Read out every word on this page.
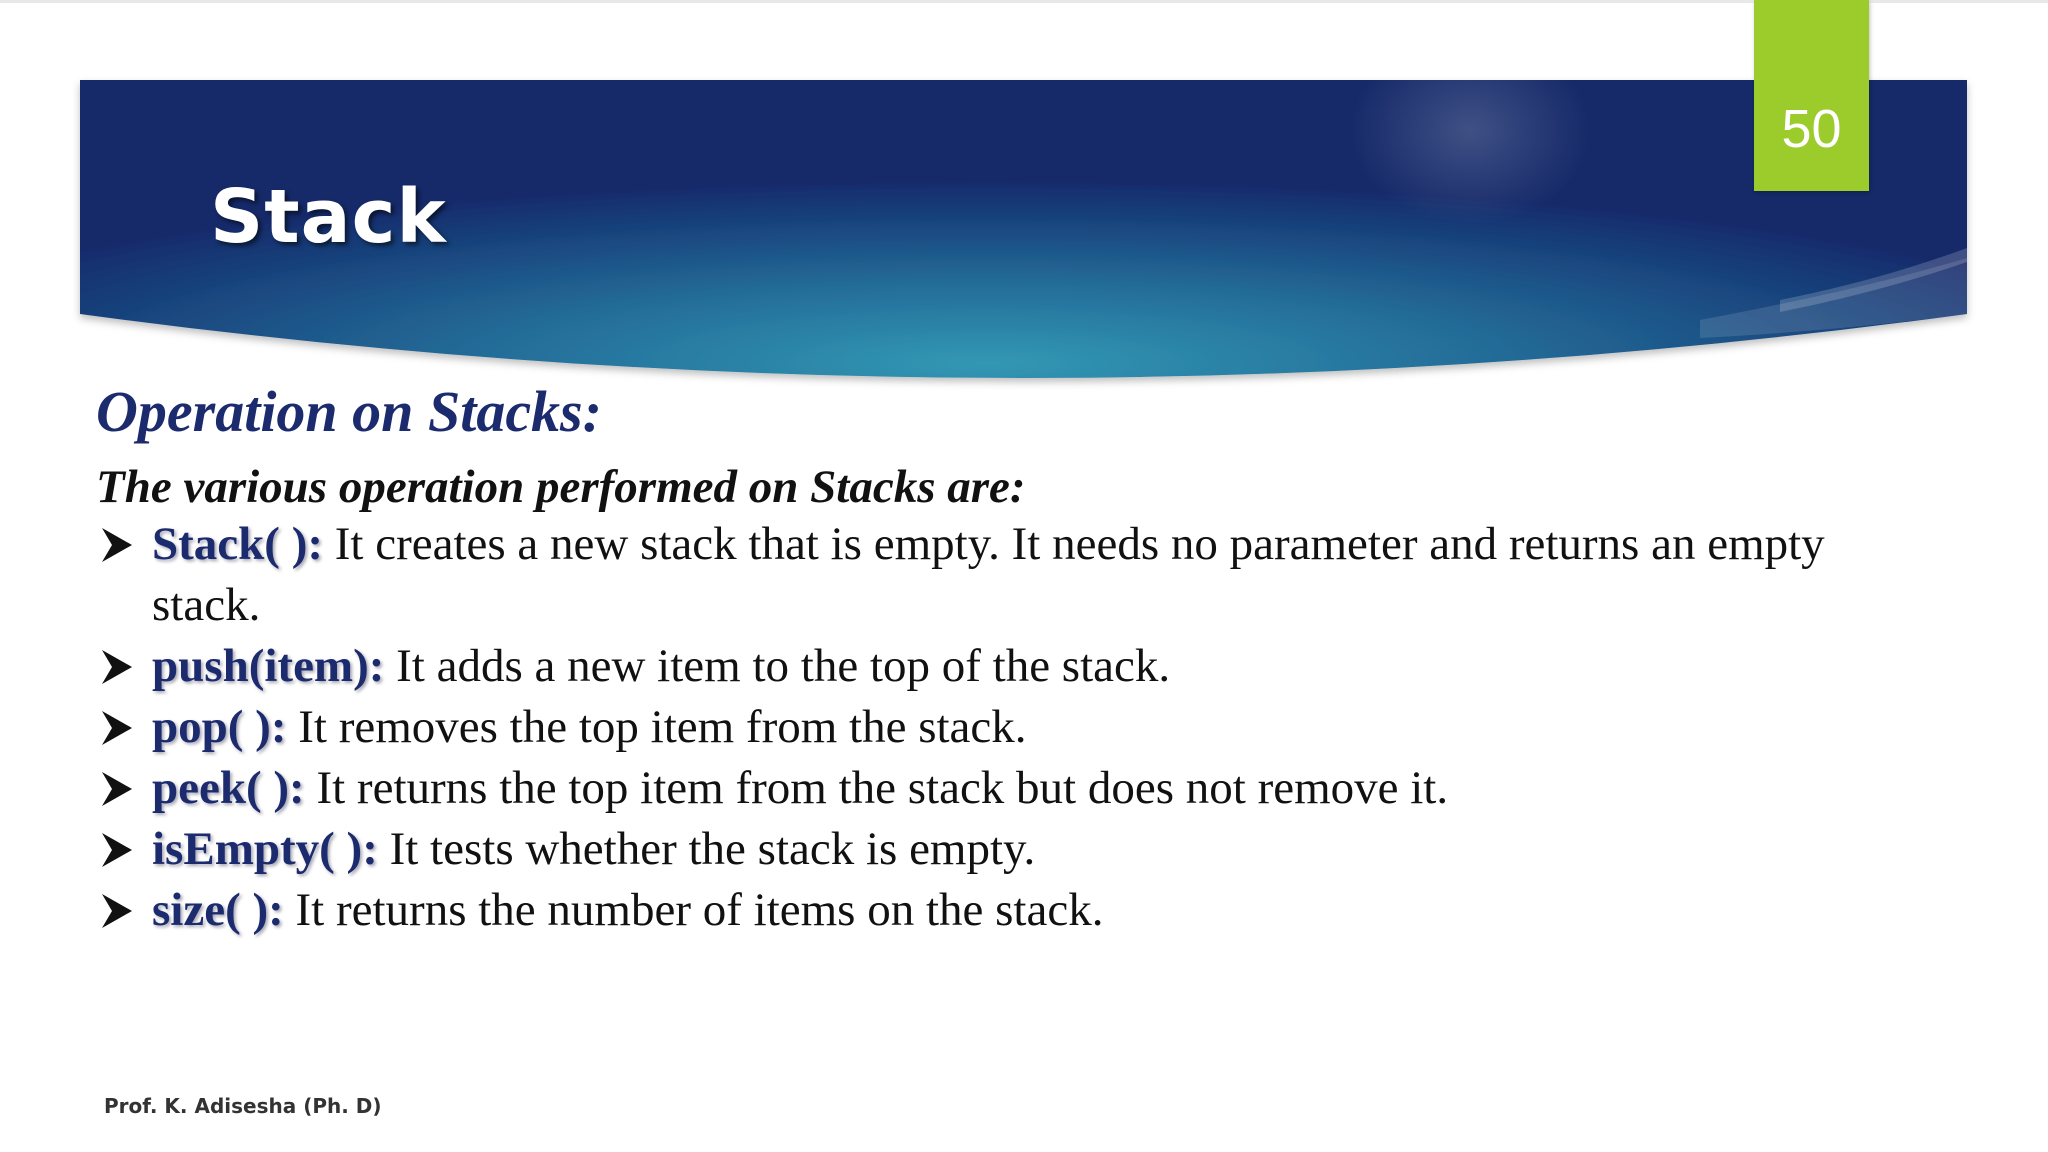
50
Stack
Operation on Stacks:
The various operation performed on Stacks are:
Stack( ): It creates a new stack that is empty. It needs no parameter and returns an empty stack.
push(item): It adds a new item to the top of the stack.
pop( ): It removes the top item from the stack.
peek( ): It returns the top item from the stack but does not remove it.
isEmpty( ): It tests whether the stack is empty.
size( ): It returns the number of items on the stack.
Prof. K. Adisesha (Ph. D)
